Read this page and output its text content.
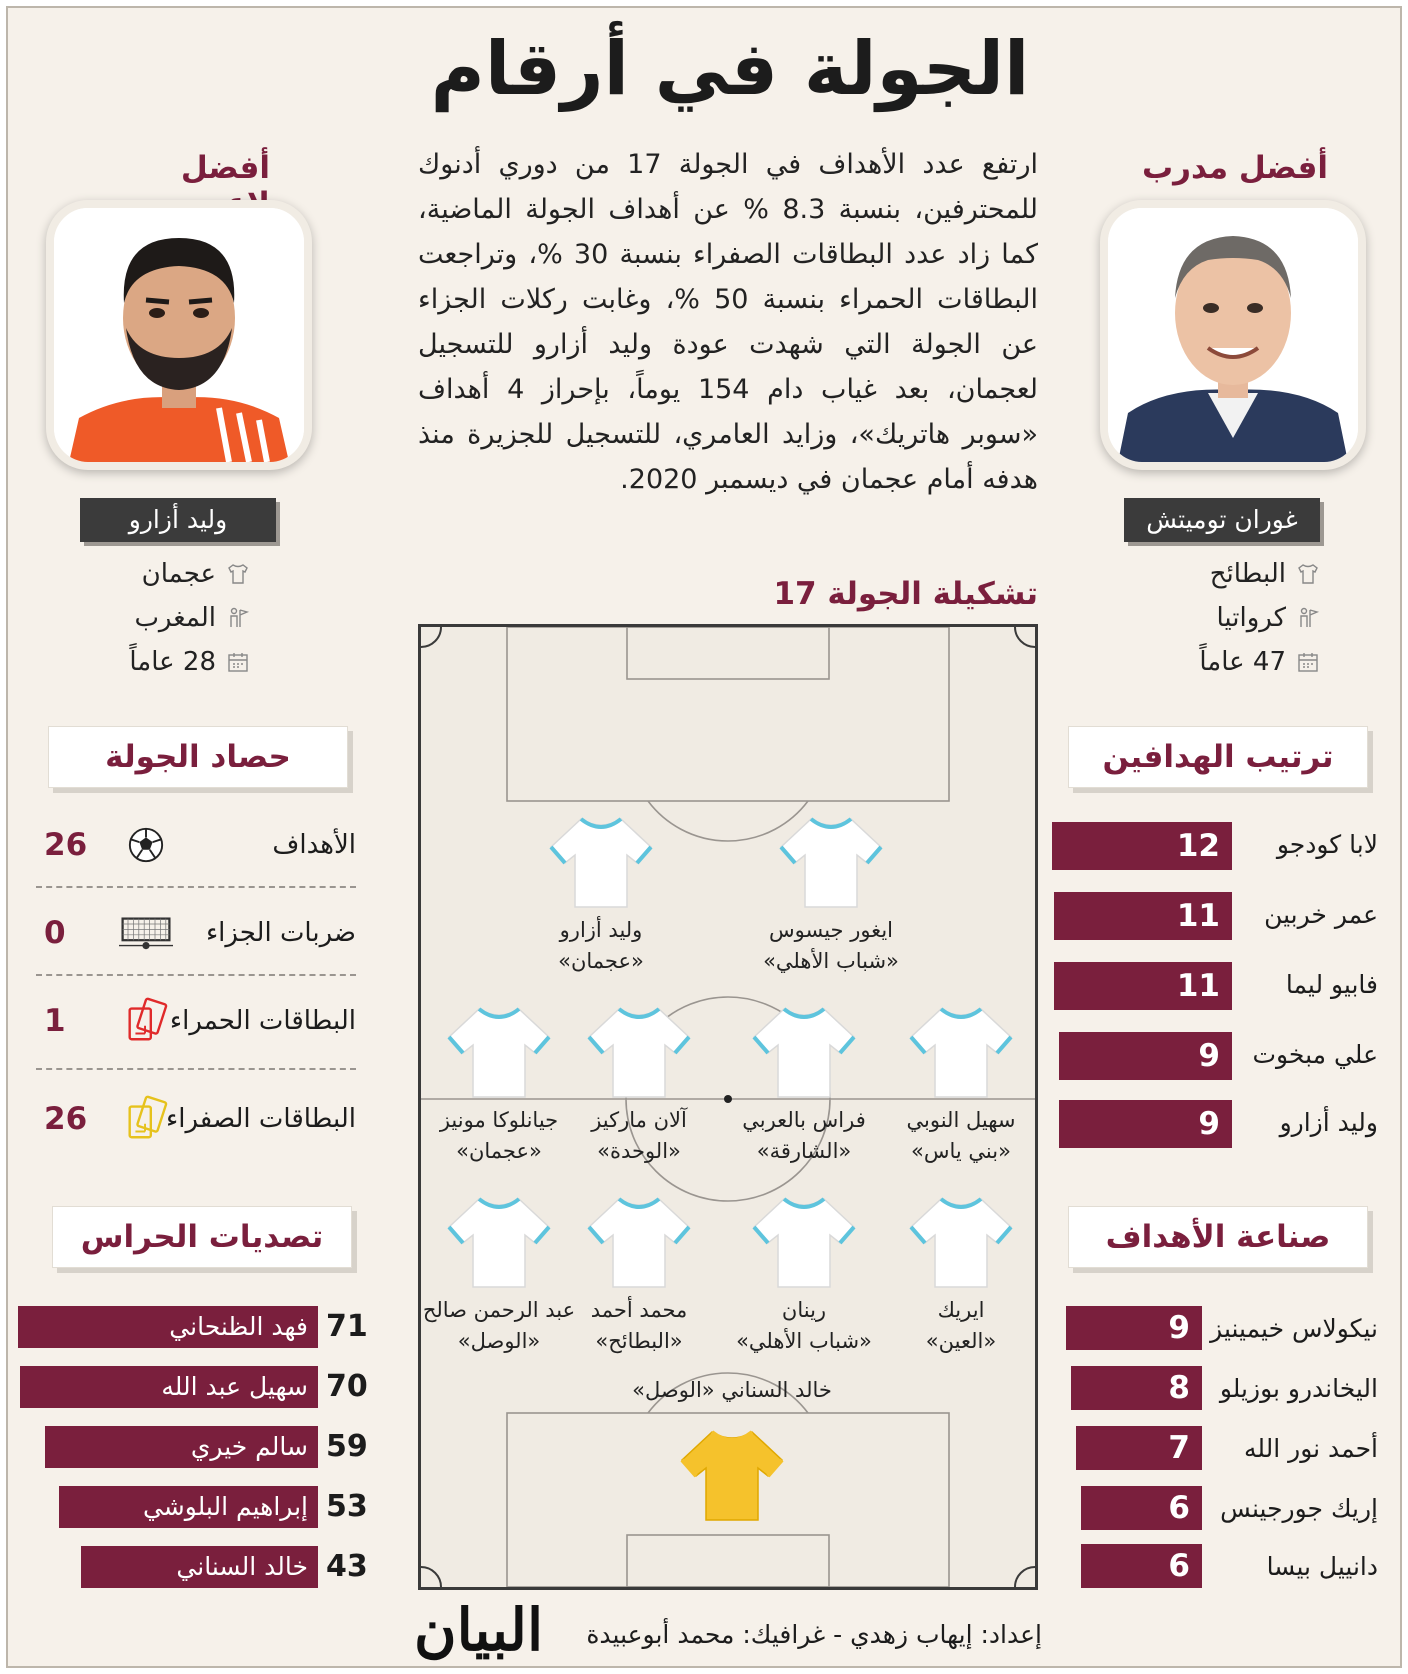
الجولة في أرقام

ارتفع عدد الأهداف في الجولة 17 من دوري أدنوك للمحترفين، بنسبة 8.3 % عن أهداف الجولة الماضية، كما زاد عدد البطاقات الصفراء بنسبة 30 %، وتراجعت البطاقات الحمراء بنسبة 50 %، وغابت ركلات الجزاء عن الجولة التي شهدت عودة وليد أزارو للتسجيل لعجمان، بعد غياب دام 154 يوماً، بإحراز 4 أهداف «سوبر هاتريك»، وزايد العامري، للتسجيل للجزيرة منذ هدفه أمام عجمان في ديسمبر 2020.

أفضل مدرب
غوران توميتش
البطائح
كرواتيا
47 عاماً
أفضل
وليد أزارو
عجمان
المغرب
28 عاماً
حصاد الجولة
26	الأهداف
0	ضربات الجزاء
1	البطاقات الحمراء
26	البطاقات الصفراء
تصديات الحراس
فهد الظنحاني 71
سهيل عبد الله 70
سالم خيري 59
إبراهيم البلوشي 53
خالد السناني 43
ترتيب الهدافين
12	لابا كودجو
11	عمر خربين
11	فابيو ليما
9	علي مبخوت
9	وليد أزارو
صناعة الأهداف
9 نيكولاس خيمينيز
8	اليخاندرو بوزيلو
7	أحمد نور الله
6	إريك جورجينس
6	دانييل بيسا
تشكيلة الجولة 17
ايغور جيسوس
«شباب الأهلي»
وليد أزارو
«عجمان»
سهيل النوبي
«بني ياس»
فراس بالعربي
«الشارقة»
آلان ماركيز
«الوحدة»
جيانلوكا مونيز
«عجمان»
ايريك
«العين»
رينان
«شباب الأهلي»
محمد أحمد
«البطائح»
عبد الرحمن صالح
«الوصل»
خالد السناني «الوصل»
البيان	إعداد: إيهاب زهدي - غرافيك: محمد أبوعبيدة
